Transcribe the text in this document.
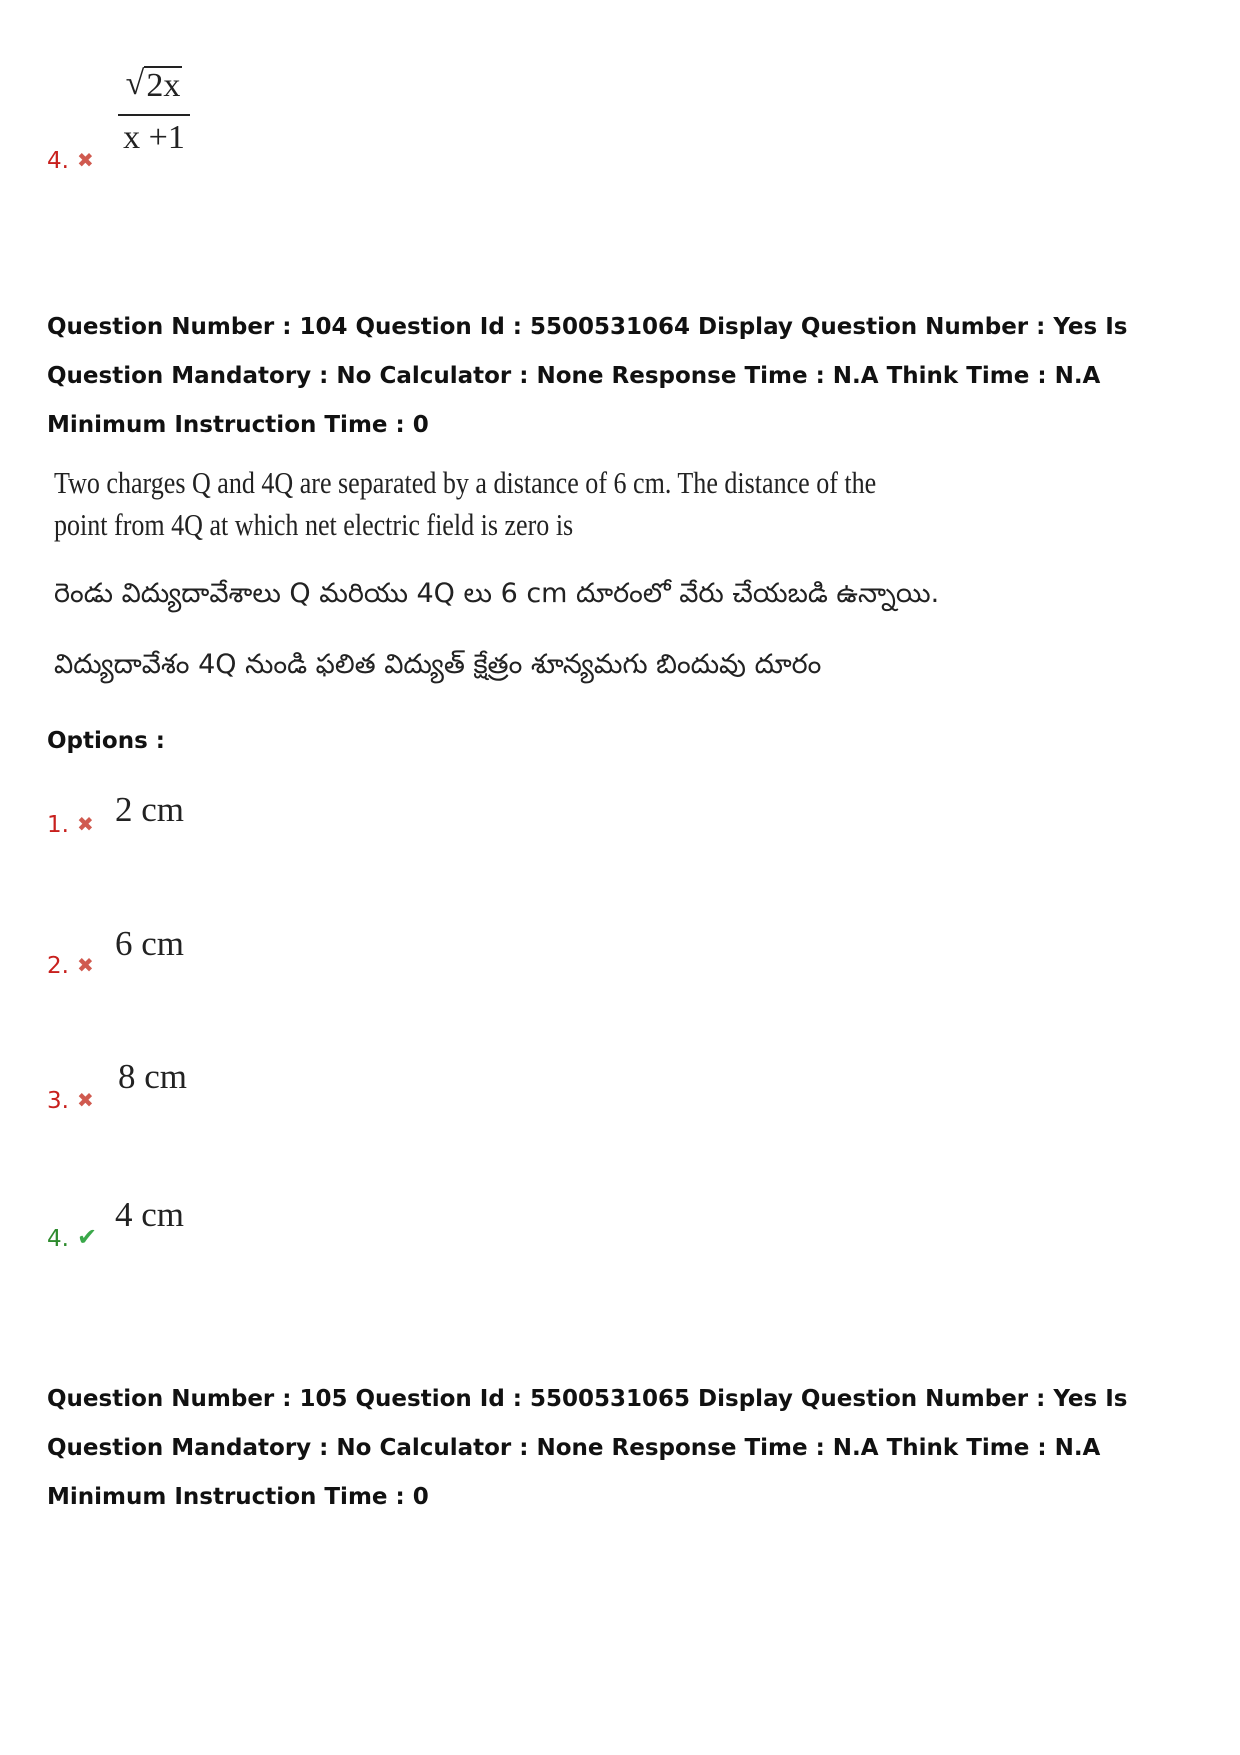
4. ✖
√2x
x +1
Question Number : 104 Question Id : 5500531064 Display Question Number : Yes Is Question Mandatory : No Calculator : None Response Time : N.A Think Time : N.A Minimum Instruction Time : 0
Two charges Q and 4Q are separated by a distance of 6 cm. The distance of the
point from 4Q at which net electric field is zero is
రెండు విద్యుదావేశాలు Q మరియు 4Q లు 6 cm దూరంలో వేరు చేయబడి ఉన్నాయి.
విద్యుదావేశం 4Q నుండి ఫలిత విద్యుత్ క్షేత్రం శూన్యమగు బిందువు దూరం
Options :
1. ✖ 2 cm
2. ✖
6 cm
3. ✖
8 cm
4. ✔
4 cm
Question Number : 105 Question Id : 5500531065 Display Question Number : Yes Is Question Mandatory : No Calculator : None Response Time : N.A Think Time : N.A Minimum Instruction Time : 0
